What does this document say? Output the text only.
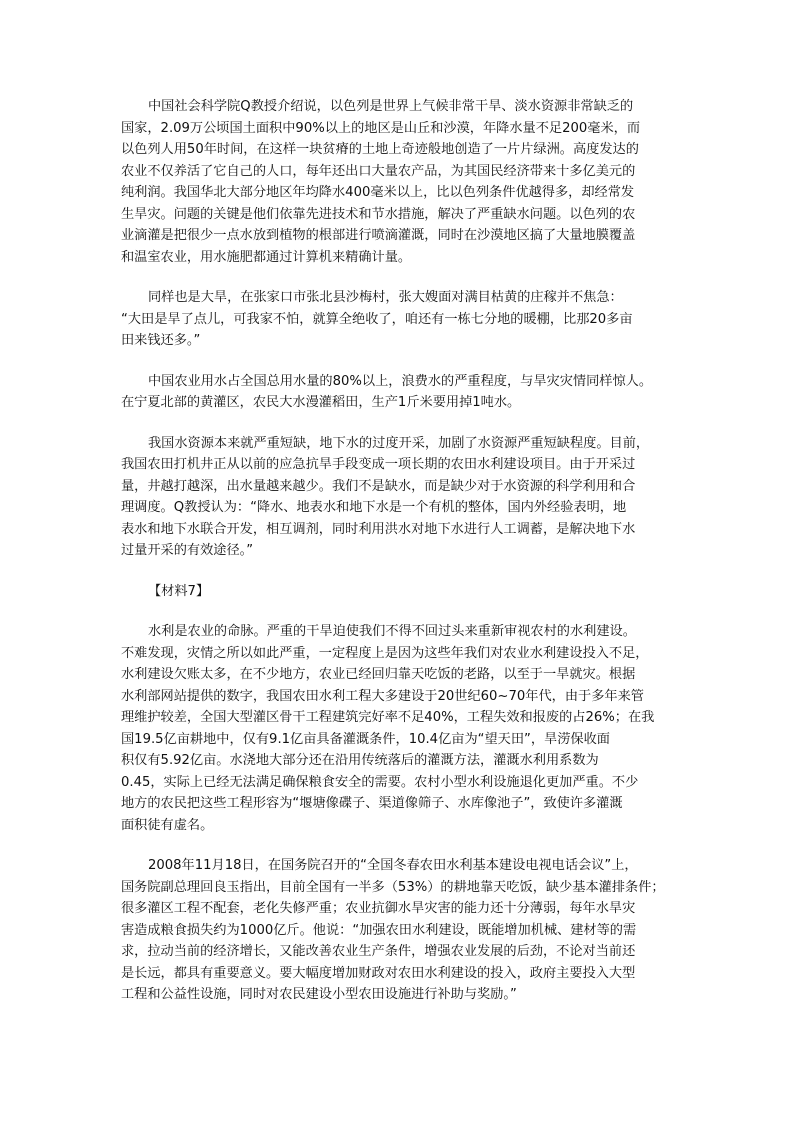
中国社会科学院Q教授介绍说，以色列是世界上气候非常干旱、淡水资源非常缺乏的
国家，2.09万公顷国土面积中90%以上的地区是山丘和沙漠，年降水量不足200毫米，而
以色列人用50年时间，在这样一块贫瘠的土地上奇迹般地创造了一片片绿洲。高度发达的
农业不仅养活了它自己的人口，每年还出口大量农产品，为其国民经济带来十多亿美元的
纯利润。我国华北大部分地区年均降水400毫米以上，比以色列条件优越得多，却经常发
生旱灾。问题的关键是他们依靠先进技术和节水措施，解决了严重缺水问题。以色列的农
业滴灌是把很少一点水放到植物的根部进行喷滴灌溉，同时在沙漠地区搞了大量地膜覆盖
和温室农业，用水施肥都通过计算机来精确计量。
同样也是大旱，在张家口市张北县沙梅村，张大嫂面对满目枯黄的庄稼并不焦急：
“大田是旱了点儿，可我家不怕，就算全绝收了，咱还有一栋七分地的暖棚，比那20多亩
田来钱还多。”
中国农业用水占全国总用水量的80%以上，浪费水的严重程度，与旱灾灾情同样惊人。
在宁夏北部的黄灌区，农民大水漫灌稻田，生产1斤米要用掉1吨水。
我国水资源本来就严重短缺，地下水的过度开采，加剧了水资源严重短缺程度。目前，
我国农田打机井正从以前的应急抗旱手段变成一项长期的农田水利建设项目。由于开采过
量，井越打越深，出水量越来越少。我们不是缺水，而是缺少对于水资源的科学利用和合
理调度。Q教授认为：“降水、地表水和地下水是一个有机的整体，国内外经验表明，地
表水和地下水联合开发，相互调剂，同时利用洪水对地下水进行人工调蓄，是解决地下水
过量开采的有效途径。”
【材料7】
水利是农业的命脉。严重的干旱迫使我们不得不回过头来重新审视农村的水利建设。
不难发现，灾情之所以如此严重，一定程度上是因为这些年我们对农业水利建设投入不足，
水利建设欠账太多，在不少地方，农业已经回归靠天吃饭的老路，以至于一旱就灾。根据
水利部网站提供的数字，我国农田水利工程大多建设于20世纪60~70年代，由于多年来管
理维护较差，全国大型灌区骨干工程建筑完好率不足40%，工程失效和报废的占26%；在我
国19.5亿亩耕地中，仅有9.1亿亩具备灌溉条件，10.4亿亩为“望天田”，旱涝保收面
积仅有5.92亿亩。水浇地大部分还在沿用传统落后的灌溉方法，灌溉水利用系数为
0.45，实际上已经无法满足确保粮食安全的需要。农村小型水利设施退化更加严重。不少
地方的农民把这些工程形容为“堰塘像碟子、渠道像筛子、水库像池子”，致使许多灌溉
面积徒有虚名。
2008年11月18日，在国务院召开的“全国冬春农田水利基本建设电视电话会议”上，
国务院副总理回良玉指出，目前全国有一半多（53%）的耕地靠天吃饭，缺少基本灌排条件；
很多灌区工程不配套，老化失修严重；农业抗御水旱灾害的能力还十分薄弱，每年水旱灾
害造成粮食损失约为1000亿斤。他说：“加强农田水利建设，既能增加机械、建材等的需
求，拉动当前的经济增长，又能改善农业生产条件，增强农业发展的后劲，不论对当前还
是长远，都具有重要意义。要大幅度增加财政对农田水利建设的投入，政府主要投入大型
工程和公益性设施，同时对农民建设小型农田设施进行补助与奖励。”
